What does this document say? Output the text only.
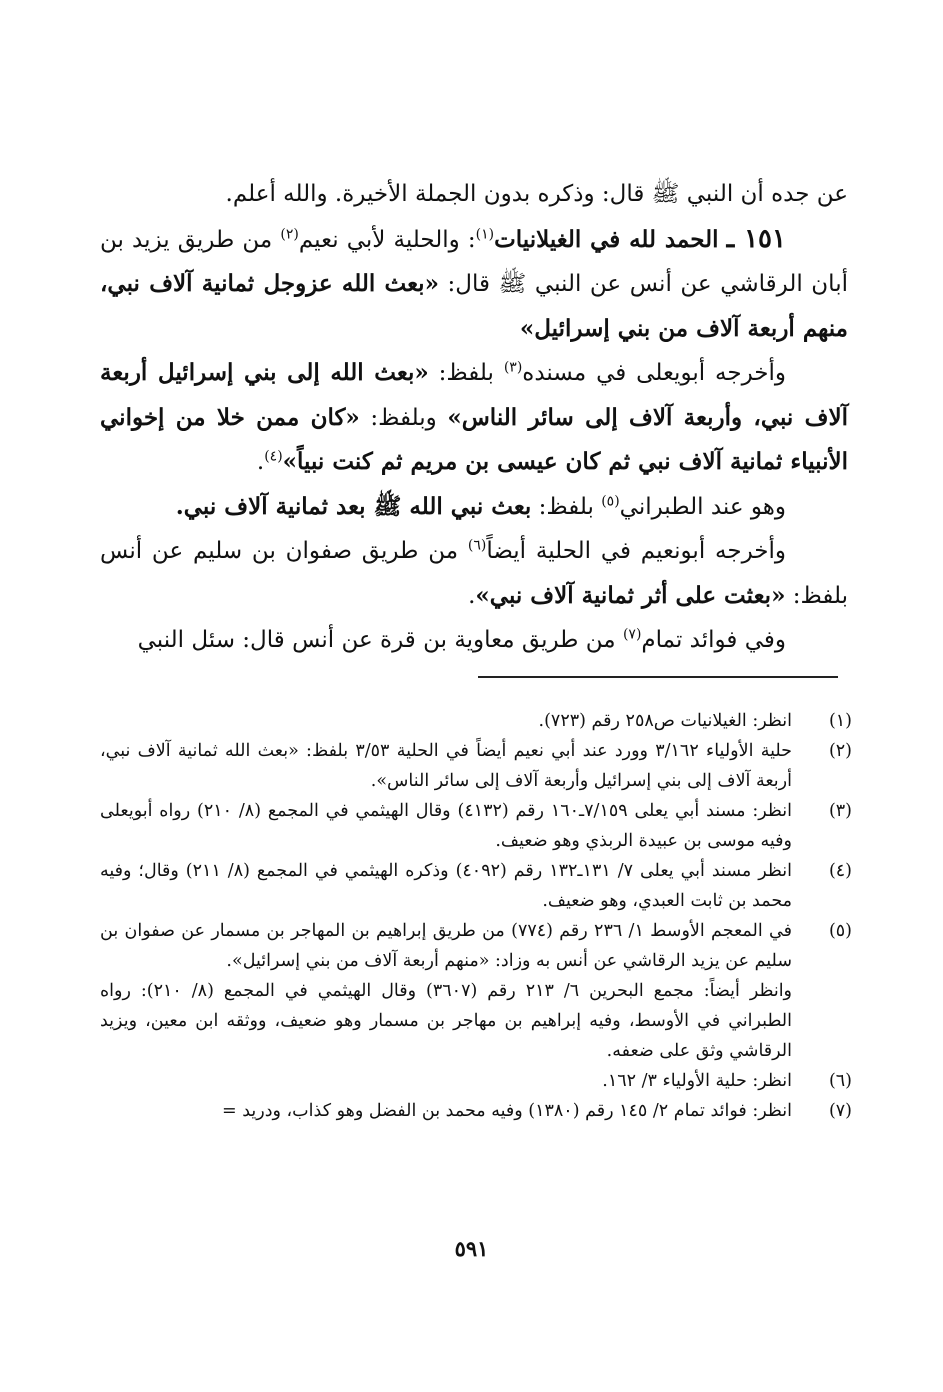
عن جده أن النبي ﷺ قال: وذكره بدون الجملة الأخيرة. والله أعلم.

١٥١ ـ الحمد لله في الغيلانيات$^{(١)}$: والحلية لأبي نعيم$^{(٢)}$ من طريق يزيد بن أبان الرقاشي عن أنس عن النبي ﷺ قال: «بعث الله عزوجل ثمانية آلاف نبي، منهم أربعة آلاف من بني إسرائيل»

وأخرجه أبويعلى في مسنده$^{(٣)}$ بلفظ: «بعث الله إلى بني إسرائيل أربعة آلاف نبي، وأربعة آلاف إلى سائر الناس» وبلفظ: «كان ممن خلا من إخواني الأنبياء ثمانية آلاف نبي ثم كان عيسى بن مريم ثم كنت نبياً»$^{(٤)}$.

وهو عند الطبراني$^{(٥)}$ بلفظ: بعث نبي الله ﷺ بعد ثمانية آلاف نبي.

وأخرجه أبونعيم في الحلية أيضاً$^{(٦)}$ من طريق صفوان بن سليم عن أنس بلفظ: «بعثت على أثر ثمانية آلاف نبي».

وفي فوائد تمام$^{(٧)}$ من طريق معاوية بن قرة عن أنس قال: سئل النبي

(١)
انظر: الغيلانيات ص٢٥٨ رقم (٧٢٣).
(٢)
حلية الأولياء ٣/١٦٢ وورد عند أبي نعيم أيضاً في الحلية ٣/٥٣ بلفظ: «بعث الله ثمانية آلاف نبي، أربعة آلاف إلى بني إسرائيل وأربعة آلاف إلى سائر الناس».
(٣)
انظر: مسند أبي يعلى ٧/١٥٩ـ١٦٠ رقم (٤١٣٢) وقال الهيثمي في المجمع (٨/ ٢١٠) رواه أبويعلى وفيه موسى بن عبيدة الربذي وهو ضعيف.
(٤)
انظر مسند أبي يعلى ٧/ ١٣١ـ١٣٢ رقم (٤٠٩٢) وذكره الهيثمي في المجمع (٨/ ٢١١) وقال؛ وفيه محمد بن ثابت العبدي، وهو ضعيف.
(٥)
في المعجم الأوسط ١/ ٢٣٦ رقم (٧٧٤) من طريق إبراهيم بن المهاجر بن مسمار عن صفوان بن سليم عن يزيد الرقاشي عن أنس به وزاد: «منهم أربعة آلاف من بني إسرائيل».
وانظر أيضاً: مجمع البحرين ٦/ ٢١٣ رقم (٣٦٠٧) وقال الهيثمي في المجمع (٨/ ٢١٠): رواه الطبراني في الأوسط، وفيه إبراهيم بن مهاجر بن مسمار وهو ضعيف، ووثقه ابن معين، ويزيد الرقاشي وثق على ضعفه.
(٦)
انظر: حلية الأولياء ٣/ ١٦٢.
(٧)
انظر: فوائد تمام ٢/ ١٤٥ رقم (١٣٨٠) وفيه محمد بن الفضل وهو كذاب، ودريد =
٥٩١
